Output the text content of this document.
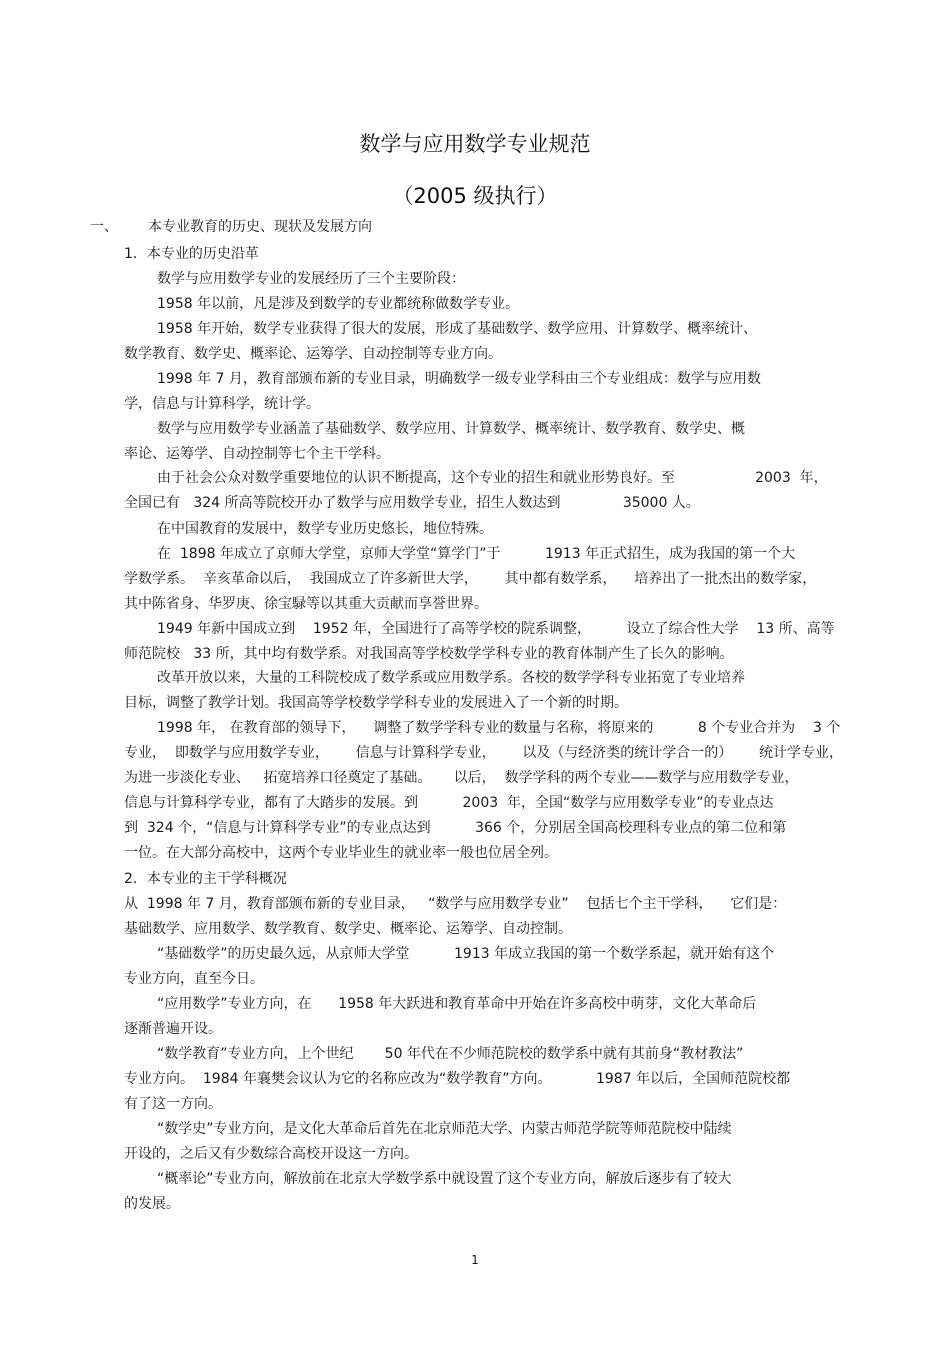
数学与应用数学专业规范
（2005 级执行）
一、 本专业教育的历史、现状及发展方向
1．本专业的历史沿革
数学与应用数学专业的发展经历了三个主要阶段：
1958 年以前，凡是涉及到数学的专业都统称做数学专业。
1958 年开始，数学专业获得了很大的发展，形成了基础数学、数学应用、计算数学、概率统计、
数学教育、数学史、概率论、运筹学、自动控制等专业方向。
1998 年 7 月，教育部颁布新的专业目录，明确数学一级专业学科由三个专业组成：数学与应用数
学，信息与计算科学，统计学。
数学与应用数学专业涵盖了基础数学、数学应用、计算数学、概率统计、数学教育、数学史、概
率论、运筹学、自动控制等七个主干学科。
由于社会公众对数学重要地位的认识不断提高，这个专业的招生和就业形势良好。至                  2003  年，
全国已有   324 所高等院校开办了数学与应用数学专业，招生人数达到              35000 人。
在中国教育的发展中，数学专业历史悠长，地位特殊。
在  1898 年成立了京师大学堂，京师大学堂“算学门”于          1913 年正式招生，成为我国的第一个大
学数学系。  辛亥革命以后，  我国成立了许多新世大学，      其中都有数学系，    培养出了一批杰出的数学家，
其中陈省身、华罗庚、徐宝騄等以其重大贡献而享誉世界。
1949 年新中国成立到    1952 年，全国进行了高等学校的院系调整，        设立了综合性大学    13 所、高等
师范院校   33 所，其中均有数学系。对我国高等学校数学学科专业的教育体制产生了长久的影响。
改革开放以来，大量的工科院校成了数学系或应用数学系。各校的数学学科专业拓宽了专业培养
目标，调整了教学计划。我国高等学校数学学科专业的发展进入了一个新的时期。
1998 年， 在教育部的领导下，    调整了数学学科专业的数量与名称，将原来的          8 个专业合并为    3 个
专业，  即数学与应用数学专业，      信息与计算科学专业，      以及（与经济类的统计学合一的）      统计学专业，
为进一步淡化专业、   拓宽培养口径奠定了基础。     以后，  数学学科的两个专业——数学与应用数学专业，
信息与计算科学专业，都有了大踏步的发展。到          2003  年，全国“数学与应用数学专业”的专业点达
到  324 个，“信息与计算科学专业”的专业点达到          366 个，分别居全国高校理科专业点的第二位和第
一位。在大部分高校中，这两个专业毕业生的就业率一般也位居全列。
2．本专业的主干学科概况
从  1998 年 7 月，教育部颁布新的专业目录，   “数学与应用数学专业”    包括七个主干学科，    它们是：
基础数学、应用数学、数学教育、数学史、概率论、运筹学、自动控制。
“基础数学”的历史最久远，从京师大学堂          1913 年成立我国的第一个数学系起，就开始有这个
专业方向，直至今日。
“应用数学”专业方向，在      1958 年大跃进和教育革命中开始在许多高校中萌芽，文化大革命后
逐渐普遍开设。
“数学教育”专业方向，上个世纪       50 年代在不少师范院校的数学系中就有其前身“教材教法”
专业方向。  1984 年襄樊会议认为它的名称应改为“数学教育”方向。          1987 年以后，全国师范院校都
有了这一方向。
“数学史”专业方向，是文化大革命后首先在北京师范大学、内蒙古师范学院等师范院校中陆续
开设的，之后又有少数综合高校开设这一方向。
“概率论”专业方向，解放前在北京大学数学系中就设置了这个专业方向，解放后逐步有了较大
的发展。
1
